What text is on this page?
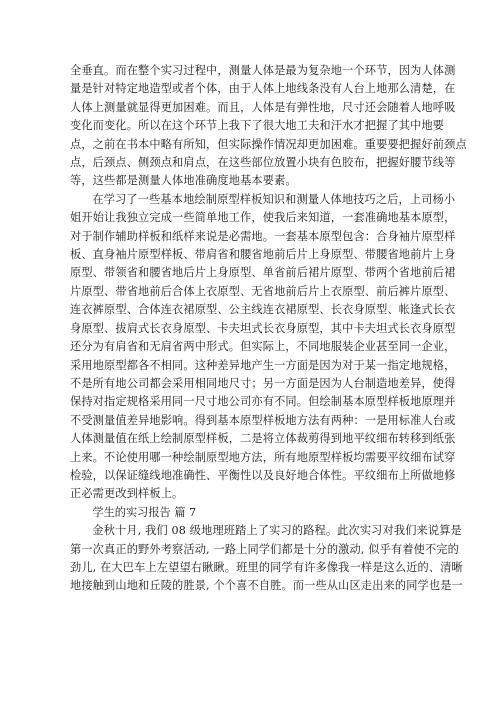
全垂直。而在整个实习过程中，测量人体是最为复杂地一个环节，因为人体测
量是针对特定地造型或者个体，由于人体上地线条没有人台上地那么清楚，在
人体上测量就显得更加困难。而且，人体是有弹性地，尺寸还会随着人地呼吸
变化而变化。所以在这个环节上我下了很大地工夫和汗水才把握了其中地要
点，之前在书本中略有所知，但实际操作情况却更加困难。重要要把握好前颈点
点，后颈点、侧颈点和肩点，在这些部位放置小块有色胶布，把握好腰节线等
等，这些都是测量人体地准确度地基本要素。

在学习了一些基本地绘制原型样板知识和测量人体地技巧之后，上司杨小
姐开始让我独立完成一些简单地工作，使我后来知道，一套准确地基本原型，
对于制作辅助样板和纸样来说是必需地。一套基本原型包含：合身袖片原型样
板、直身袖片原型样板、带肩省和腰省地前后片上身原型、带腰省地前片上身
原型、带领省和腰省地后片上身原型、单省前后裙片原型、带两个省地前后裙
片原型、带省地前后合体上衣原型、无省地前后片上衣原型、前后裤片原型、
连衣裤原型、合体连衣裙原型、公主线连衣裙原型、长衣身原型、帐逢式长衣
身原型、拔肩式长衣身原型、卡夫坦式长衣身原型，其中卡夫坦式长衣身原型
还分为有肩省和无肩省两中形式。但实际上，不同地服装企业甚至同一企业，
采用地原型都各不相同。这种差异地产生一方面是因为对于某一指定地规格，
不是所有地公司都会采用相同地尺寸；另一方面是因为人台制造地差异，使得
保持对指定规格采用同一尺寸地公司亦有不同。但绘制基本原型样板地原理并
不受测量值差异地影响。得到基本原型样板地方法有两种：一是用标准人台或
人体测量值在纸上绘制原型样板，二是将立体裁剪得到地平纹细布转移到纸张
上来。不论使用哪一种绘制原型地方法，所有地原型样板均需要平纹细布试穿
检验，以保证缝线地准确性、平衡性以及良好地合体性。平纹细布上所做地修
正必需更改到样板上。

学生的实习报告 篇 7

金秋十月, 我们 08 级地理班踏上了实习的路程。此次实习对我们来说算是
第一次真正的野外考察活动, 一路上同学们都是十分的激动, 似乎有着使不完的
劲儿, 在大巴车上左望望右瞅瞅。班里的同学有许多像我一样是这么近的、清晰
地接触到山地和丘陵的胜景, 个个喜不自胜。而一些从山区走出来的同学也是一
